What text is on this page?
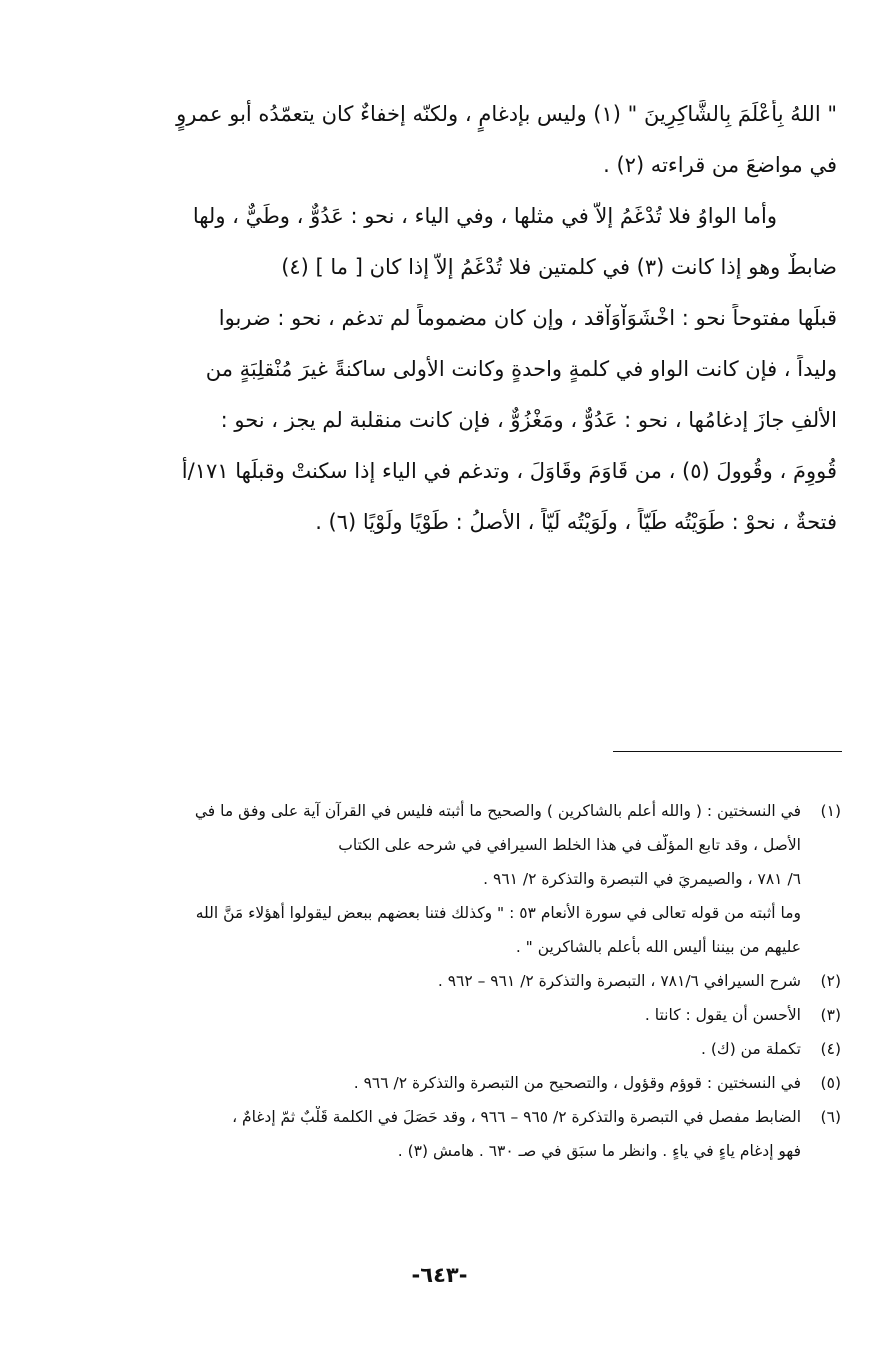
" اللهُ بِأَعْلَمَ بِالشَّاكِرِينَ " (١) وليس بإدغامٍ ، ولكنّه إخفاءٌ كان يتعمّدُه أبو عمروٍ
في مواضعَ من قراءته (٢) .
وأما الواوُ فلا تُدْغَمُ إلاّ في مثلها ، وفي الياء ، نحو : عَدُوٌّ ، وطَيٌّ ، ولها
ضابطٌ وهو إذا كانت (٣) في كلمتين فلا تُدْغَمُ إلاّ إذا كان [ ما ] (٤)
قبلَها مفتوحاً نحو : اخْشَوَاْوَاْقد ، وإن كان مضموماً لم تدغم ، نحو : ضربوا
وليداً ، فإن كانت الواو في كلمةٍ واحدةٍ وكانت الأولى ساكنةً غيرَ مُنْقلِبَةٍ من
الألفِ جازَ إدغامُها ، نحو : عَدُوٌّ ، ومَغْزُوٌّ ، فإن كانت منقلبة لم يجز ، نحو :
قُووِمَ ، وقُوولَ (٥) ، من قَاوَمَ وقَاوَلَ ، وتدغم في الياء إذا سكنتْ وقبلَها ١٧١/أ
فتحةٌ ، نحوْ : طَوَيْتُه طَيّاً ، ولَوَيْتُه لَيّاً ، الأصلُ : طَوْيًا ولَوْيًا (٦) .
(١)
في النسختين : ( والله أعلم بالشاكرين ) والصحيح ما أثبته فليس في القرآن آية على وفق ما في
الأصل ، وقد تابع المؤلّف في هذا الخلط السيرافي في شرحه على الكتاب
٦/ ٧٨١ ، والصيمريَ في التبصرة والتذكرة ٢/ ٩٦١ .
وما أثبته من قوله تعالى في سورة الأنعام ٥٣ : " وكذلك فتنا بعضهم ببعض ليقولوا أهؤلاء مَنَّ الله
عليهم من بيننا أليس الله بأعلم بالشاكرين " .
(٢)
شرح السيرافي ٧٨١/٦ ، التبصرة والتذكرة ٢/ ٩٦١ – ٩٦٢ .
(٣)
الأحسن أن يقول : كانتا .
(٤)
تكملة من (ك) .
(٥)
في النسختين : قوؤم وقؤول ، والتصحيح من التبصرة والتذكرة ٢/ ٩٦٦ .
(٦)
الضابط مفصل في التبصرة والتذكرة ٢/ ٩٦٥ – ٩٦٦ ، وقد حَصَلَ في الكلمة قَلْبٌ ثمّ إدغامٌ ،
فهو إدغام ياءٍ في ياءٍ . وانظر ما سبَق في صـ ٦٣٠ . هامش (٣) .
-٦٤٣-
